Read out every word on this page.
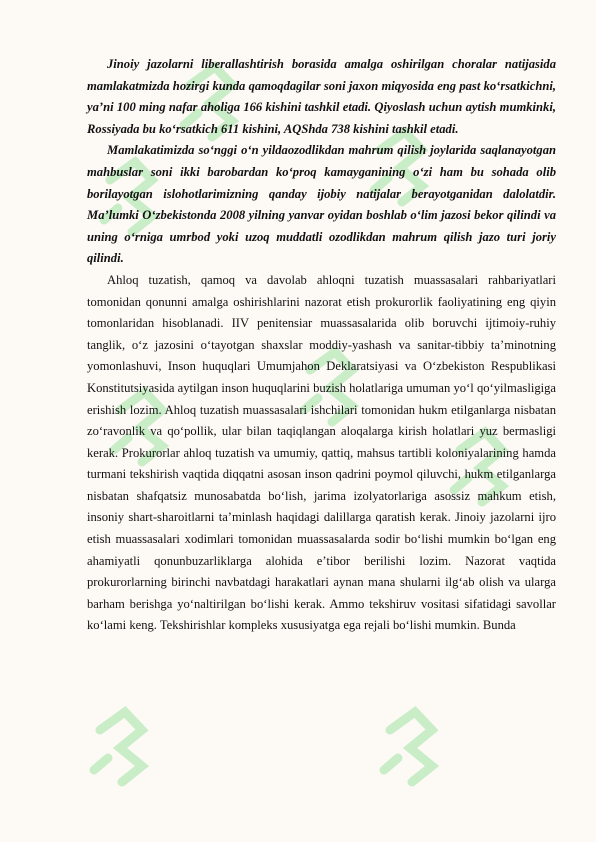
Jinoiy jazolarni liberallashtirish borasida amalga oshirilgan choralar natijasida mamlakatmizda hozirgi kunda qamoqdagilar soni jaxon miqyosida eng past ko‘rsatkichni, ya’ni 100 ming nafar aholiga 166 kishini tashkil etadi. Qiyoslash uchun aytish mumkinki, Rossiyada bu ko‘rsatkich 611 kishini, AQShda 738 kishini tashkil etadi.

Mamlakatimizda so‘nggi o‘n yildaozodlikdan mahrum qilish joylarida saqlanayotgan mahbuslar soni ikki barobardan ko‘proq kamayganining o‘zi ham bu sohada olib borilayotgan islohotlarimizning qanday ijobiy natijalar berayotganidan dalolatdir. Ma’lumki O‘zbekistonda 2008 yilning yanvar oyidan boshlab o‘lim jazosi bekor qilindi va uning o‘rniga umrbod yoki uzoq muddatli ozodlikdan mahrum qilish jazo turi joriy qilindi.

Ahloq tuzatish, qamoq va davolab ahloqni tuzatish muassasalari rahbariyatlari tomonidan qonunni amalga oshirishlarini nazorat etish prokurorlik faoliyatining eng qiyin tomonlaridan hisoblanadi. IIV penitensiar muassasalarida olib boruvchi ijtimoiy-ruhiy tanglik, o‘z jazosini o‘tayotgan shaxslar moddiy-yashash va sanitar-tibbiy ta’minotning yomonlashuvi, Inson huquqlari Umumjahon Deklaratsiyasi va O‘zbekiston Respublikasi Konstitutsiyasida aytilgan inson huquqlarini buzish holatlariga umuman yo‘l qo‘yilmasligiga erishish lozim. Ahloq tuzatish muassasalari ishchilari tomonidan hukm etilganlarga nisbatan zo‘ravonlik va qo‘pollik, ular bilan taqiqlangan aloqalarga kirish holatlari yuz bermasligi kerak. Prokurorlar ahloq tuzatish va umumiy, qattiq, mahsus tartibli koloniyalarining hamda turmani tekshirish vaqtida diqqatni asosan inson qadrini poymol qiluvchi, hukm etilganlarga nisbatan shafqatsiz munosabatda bo‘lish, jarima izolyatorlariga asossiz mahkum etish, insoniy shart-sharoitlarni ta’minlash haqidagi dalillarga qaratish kerak. Jinoiy jazolarni ijro etish muassasalari xodimlari tomonidan muassasalarda sodir bo‘lishi mumkin bo‘lgan eng ahamiyatli qonunbuzarliklarga alohida e’tibor berilishi lozim. Nazorat vaqtida prokurorlarning birinchi navbatdagi harakatlari aynan mana shularni ilg‘ab olish va ularga barham berishga yo‘naltirilgan bo‘lishi kerak. Ammo tekshiruv vositasi sifatidagi savollar ko‘lami keng. Tekshirishlar kompleks xususiyatga ega rejali bo‘lishi mumkin. Bunda
